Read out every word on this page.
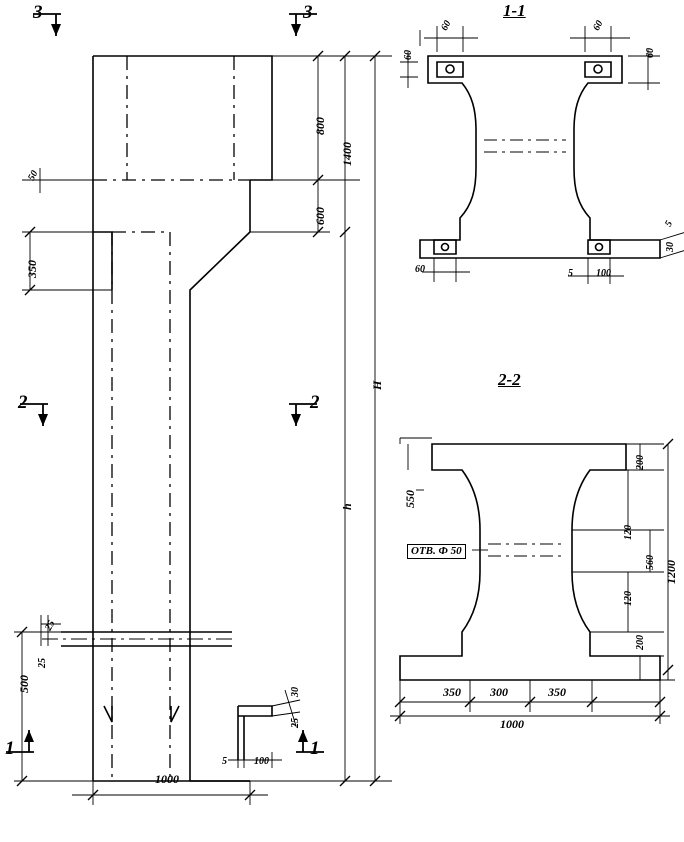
1-1
2-2
3	3
2	2
1	1
800
1400
600
H
h
350
500
25
25
50
1000
5	100
30
25
60	60
60	60
60	5 100
5
30
550
200
120
560
120
200
1200
350 300	350
1000
ОТВ. Ф 50
